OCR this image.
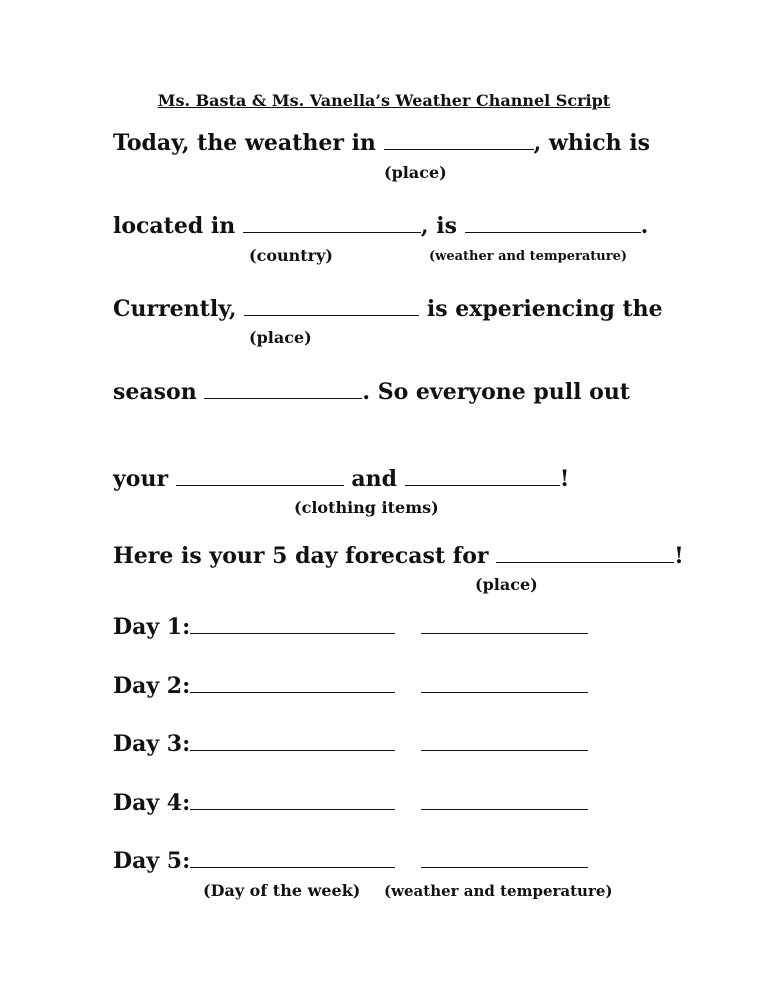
Ms. Basta & Ms. Vanella’s Weather Channel Script
Today, the weather in	, which is
(place)
located in	, is	.
(country)	(weather and temperature)
Currently,	is experiencing the
(place)
season	. So everyone pull out
your	and	!
(clothing items)
Here is your 5 day forecast for	!
(place)
Day 1:
Day 2:
Day 3:
Day 4:
Day 5:
(Day of the week) (weather and temperature)
